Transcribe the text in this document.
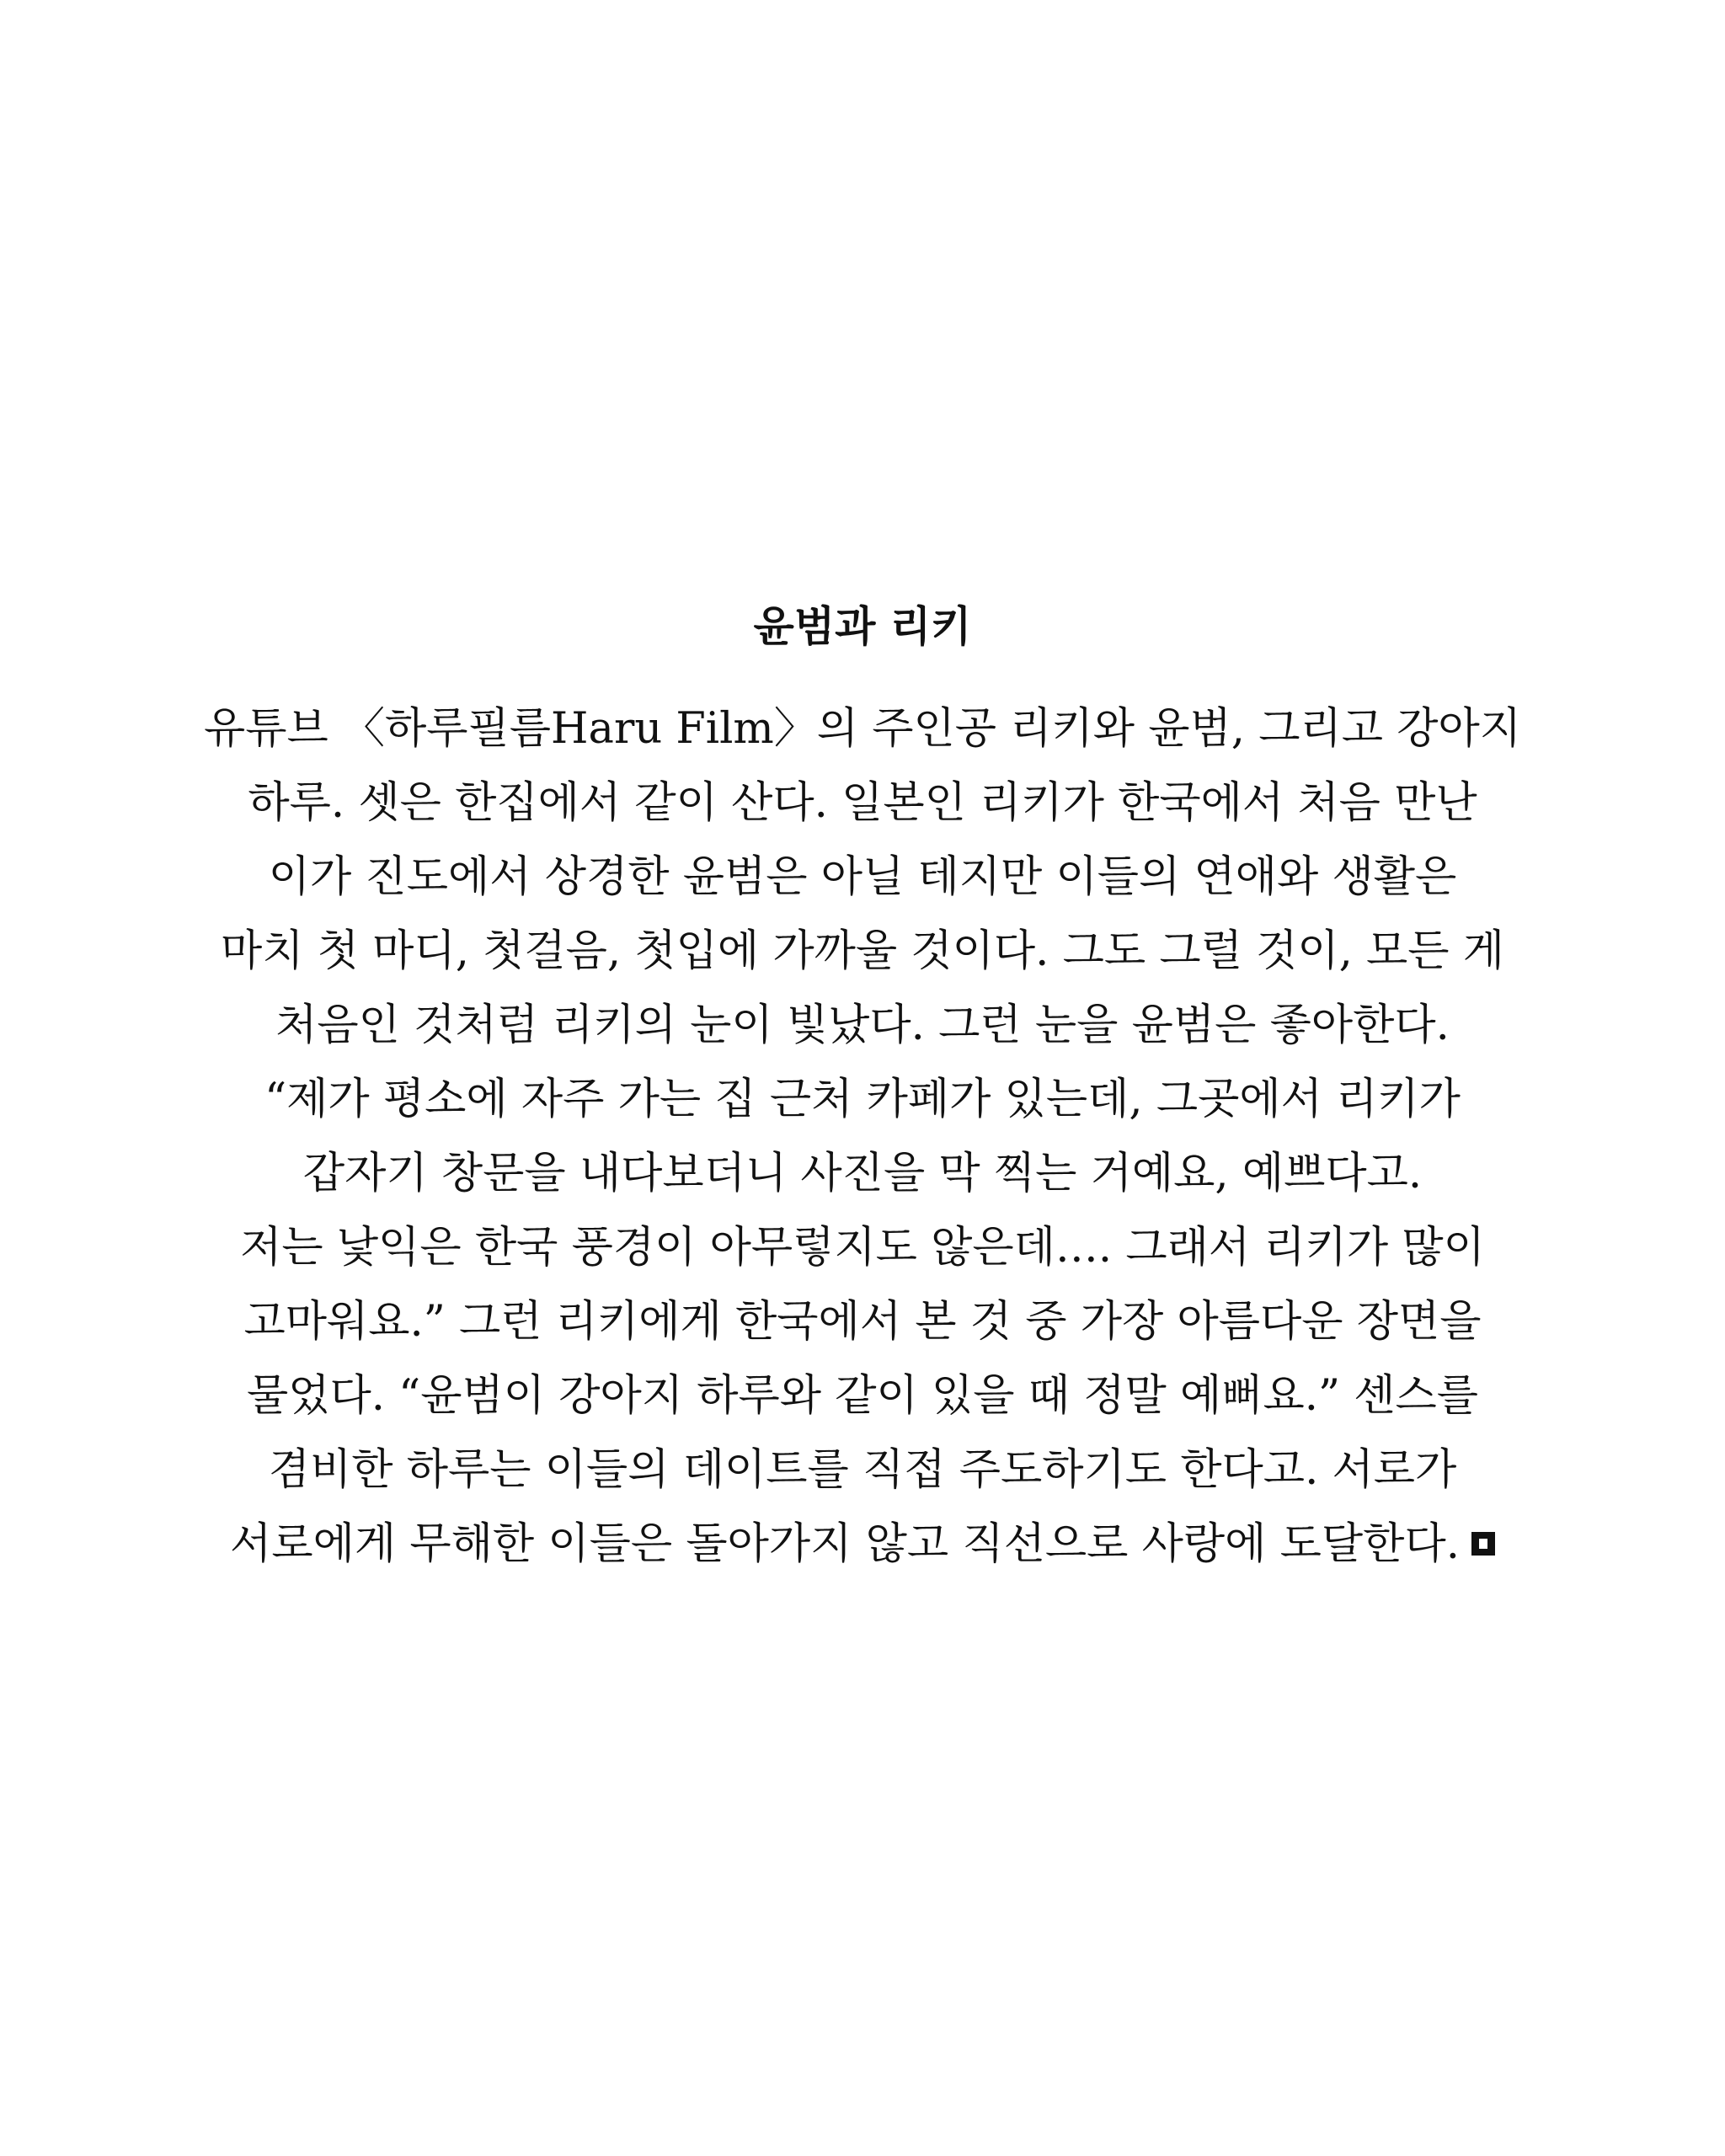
윤범과 리키
유튜브 〈하루필름Haru Film〉의 주인공 리키와 윤범, 그리고 강아지
하루. 셋은 한집에서 같이 산다. 일본인 리키가 한국에서 처음 만난
이가 진도에서 상경한 윤범은 아닐 테지만 이들의 연애와 생활은
마치 첫 마디, 첫걸음, 첫입에 가까울 것이다. 그도 그럴 것이, 모든 게
처음인 것처럼 리키의 눈이 빛났다. 그런 눈을 윤범은 좋아한다.
“제가 평소에 자주 가는 집 근처 카페가 있는데, 그곳에서 리키가
갑자기 창문을 내다보더니 사진을 막 찍는 거예요, 예쁘다고.
저는 낯익은 한국 풍경이 아무렇지도 않은데…. 그래서 리키가 많이
고마워요.” 그런 리키에게 한국에서 본 것 중 가장 아름다운 장면을
물었다. “윤범이 강아지 하루와 같이 있을 때 정말 예뻐요.” 센스를
겸비한 하루는 이들의 데이트를 직접 주도하기도 한다고. 서로가
서로에게 무해한 이들은 돌아가지 않고 직선으로 사랑에 도달한다.
